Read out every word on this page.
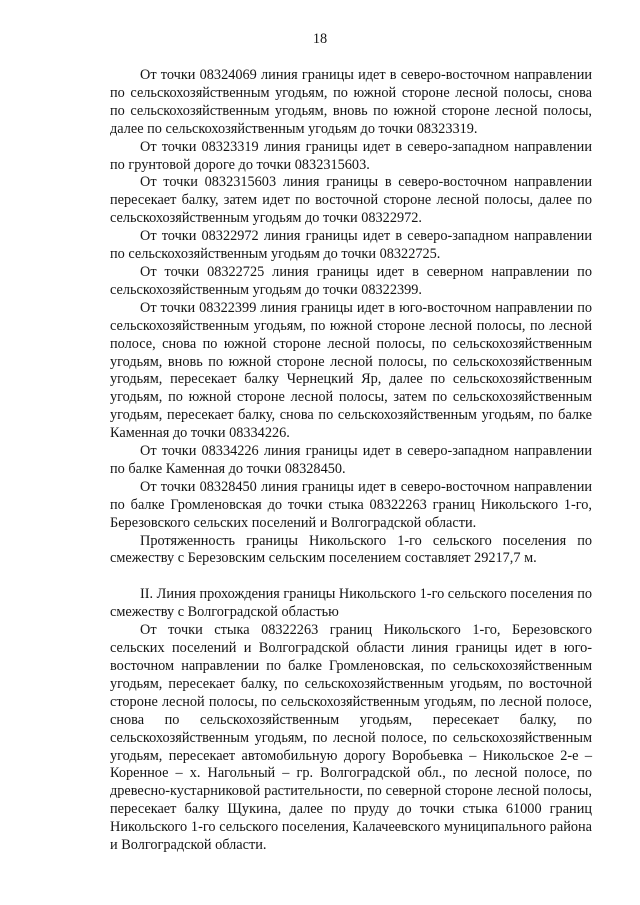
18

От точки 08324069 линия границы идет в северо-восточном направлении по сельскохозяйственным угодьям, по южной стороне лесной полосы, снова по сельскохозяйственным угодьям, вновь по южной стороне лесной полосы, далее по сельскохозяйственным угодьям до точки 08323319.

От точки 08323319 линия границы идет в северо-западном направлении по грунтовой дороге до точки 0832315603.

От точки 0832315603 линия границы в северо-восточном направлении пересекает балку, затем идет по восточной стороне лесной полосы, далее по сельскохозяйственным угодьям до точки 08322972.

От точки 08322972 линия границы идет в северо-западном направлении по сельскохозяйственным угодьям до точки 08322725.

От точки 08322725 линия границы идет в северном направлении по сельскохозяйственным угодьям до точки 08322399.

От точки 08322399 линия границы идет в юго-восточном направлении по сельскохозяйственным угодьям, по южной стороне лесной полосы, по лесной полосе, снова по южной стороне лесной полосы, по сельскохозяйственным угодьям, вновь по южной стороне лесной полосы, по сельскохозяйственным угодьям, пересекает балку Чернецкий Яр, далее по сельскохозяйственным угодьям, по южной стороне лесной полосы, затем по сельскохозяйственным угодьям, пересекает балку, снова по сельскохозяйственным угодьям, по балке Каменная до точки 08334226.

От точки 08334226 линия границы идет в северо-западном направлении по балке Каменная до точки 08328450.

От точки 08328450 линия границы идет в северо-восточном направлении по балке Громленовская до точки стыка 08322263 границ Никольского 1-го, Березовского сельских поселений и Волгоградской области.

Протяженность границы Никольского 1-го сельского поселения по смежеству с Березовским сельским поселением составляет 29217,7 м.

II. Линия прохождения границы Никольского 1-го сельского поселения по смежеству с Волгоградской областью

От точки стыка 08322263 границ Никольского 1-го, Березовского сельских поселений и Волгоградской области линия границы идет в юго-восточном направлении по балке Громленовская, по сельскохозяйственным угодьям, пересекает балку, по сельскохозяйственным угодьям, по восточной стороне лесной полосы, по сельскохозяйственным угодьям, по лесной полосе, снова по сельскохозяйственным угодьям, пересекает балку, по сельскохозяйственным угодьям, по лесной полосе, по сельскохозяйственным угодьям, пересекает автомобильную дорогу Воробьевка – Никольское 2-е – Коренное – х. Нагольный – гр. Волгоградской обл., по лесной полосе, по древесно-кустарниковой растительности, по северной стороне лесной полосы, пересекает балку Щукина, далее по пруду до точки стыка 61000 границ Никольского 1-го сельского поселения, Калачеевского муниципального района и Волгоградской области.
